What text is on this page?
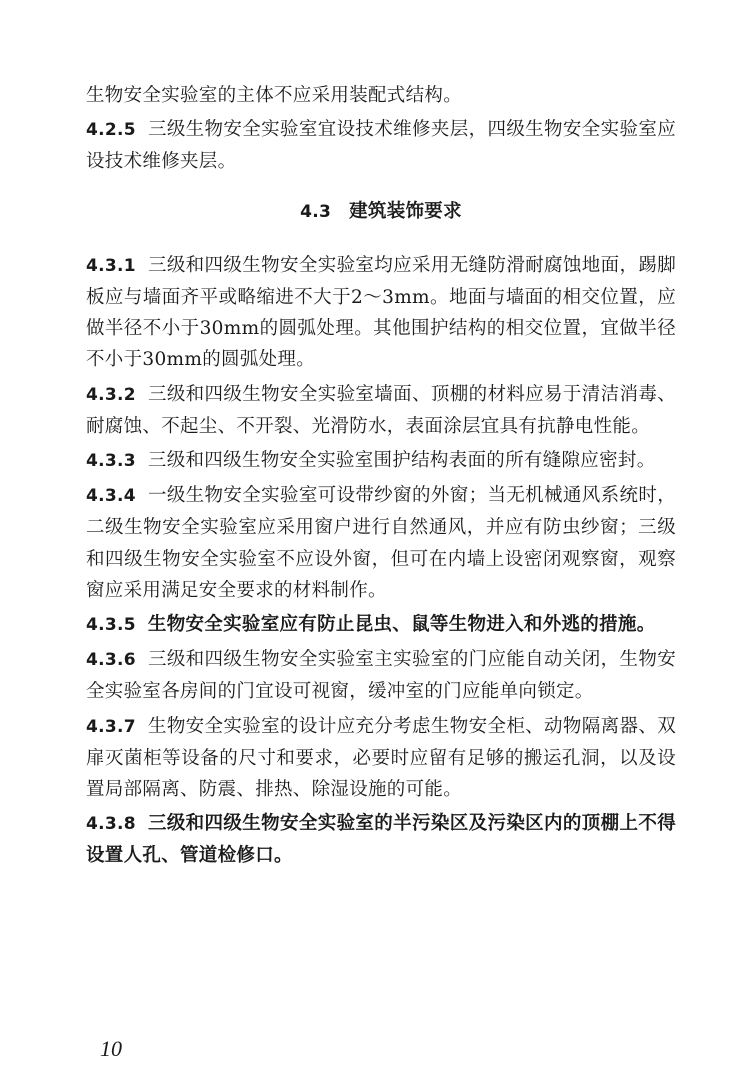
生物安全实验室的主体不应采用装配式结构。

4.2.5 三级生物安全实验室宜设技术维修夹层，四级生物安全实验室应设技术维修夹层。

4.3 建筑装饰要求

4.3.1 三级和四级生物安全实验室均应采用无缝防滑耐腐蚀地面，踢脚板应与墙面齐平或略缩进不大于2～3mm。地面与墙面的相交位置，应做半径不小于30mm的圆弧处理。其他围护结构的相交位置，宜做半径不小于30mm的圆弧处理。

4.3.2 三级和四级生物安全实验室墙面、顶棚的材料应易于清洁消毒、耐腐蚀、不起尘、不开裂、光滑防水，表面涂层宜具有抗静电性能。

4.3.3 三级和四级生物安全实验室围护结构表面的所有缝隙应密封。

4.3.4 一级生物安全实验室可设带纱窗的外窗；当无机械通风系统时，二级生物安全实验室应采用窗户进行自然通风，并应有防虫纱窗；三级和四级生物安全实验室不应设外窗，但可在内墙上设密闭观察窗，观察窗应采用满足安全要求的材料制作。

4.3.5 生物安全实验室应有防止昆虫、鼠等生物进入和外逃的措施。

4.3.6 三级和四级生物安全实验室主实验室的门应能自动关闭，生物安全实验室各房间的门宜设可视窗，缓冲室的门应能单向锁定。

4.3.7 生物安全实验室的设计应充分考虑生物安全柜、动物隔离器、双扉灭菌柜等设备的尺寸和要求，必要时应留有足够的搬运孔洞，以及设置局部隔离、防震、排热、除湿设施的可能。

4.3.8 三级和四级生物安全实验室的半污染区及污染区内的顶棚上不得设置人孔、管道检修口。

10
